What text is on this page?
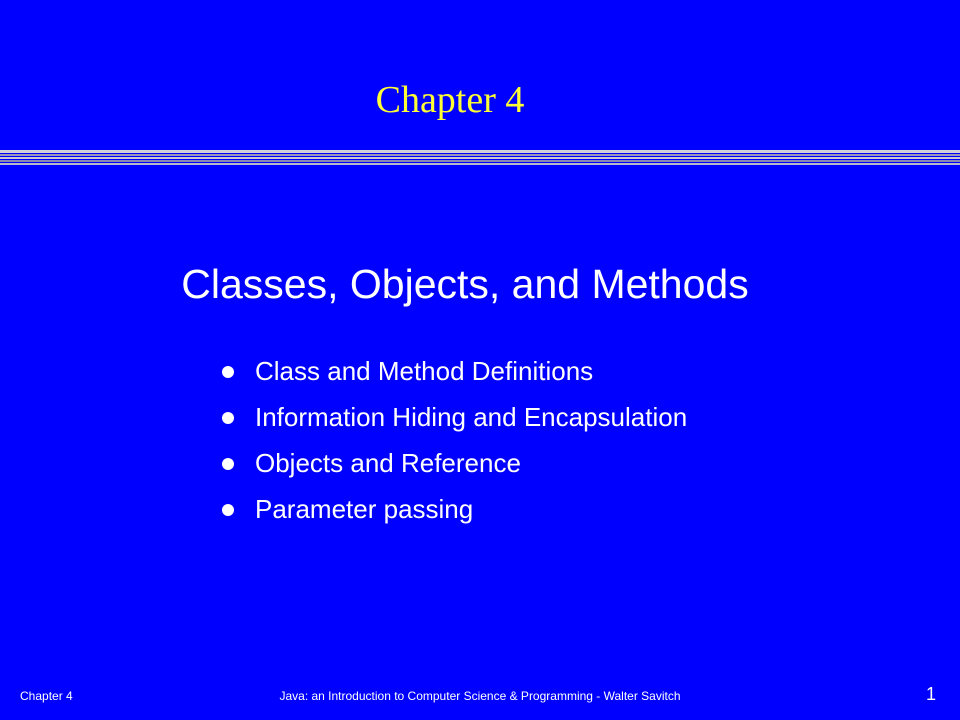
Chapter 4
Classes, Objects, and Methods
Class and Method Definitions
Information Hiding and Encapsulation
Objects and Reference
Parameter passing
Chapter 4	Java: an Introduction to Computer Science & Programming - Walter Savitch	1
